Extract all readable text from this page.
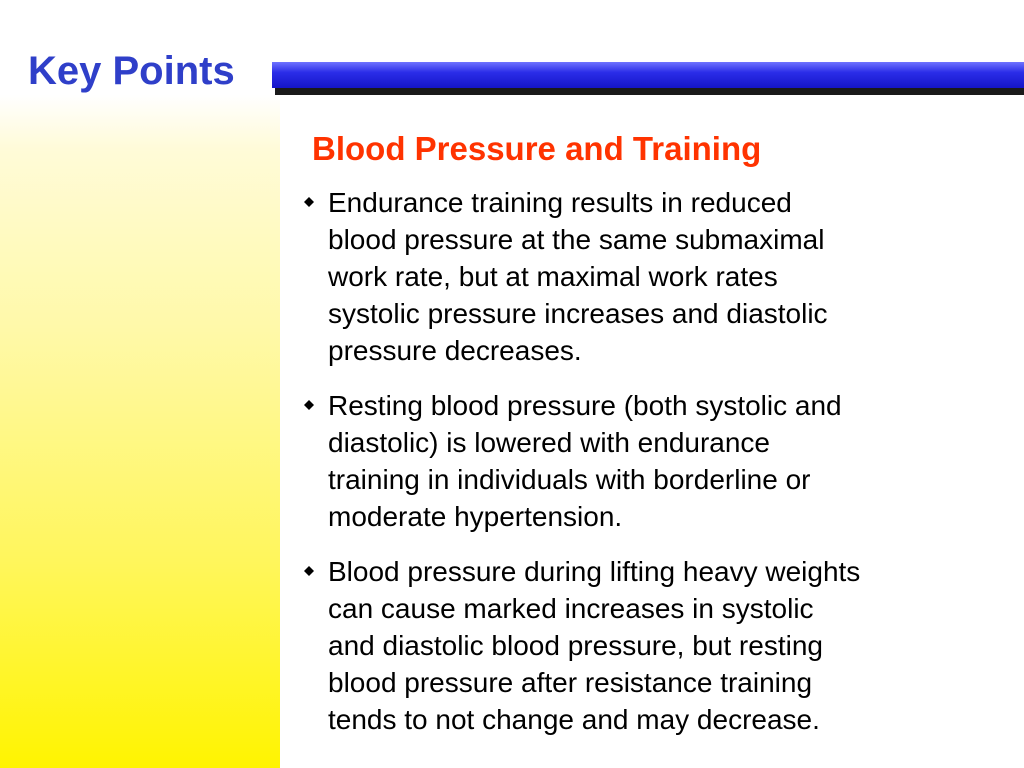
Key Points
Blood Pressure and Training
Endurance training results in reduced
blood pressure at the same submaximal
work rate, but at maximal work rates
systolic pressure increases and diastolic
pressure decreases.
Resting blood pressure (both systolic and
diastolic) is lowered with endurance
training in individuals with borderline or
moderate hypertension.
Blood pressure during lifting heavy weights
can cause marked increases in systolic
and diastolic blood pressure, but resting
blood pressure after resistance training
tends to not change and may decrease.
